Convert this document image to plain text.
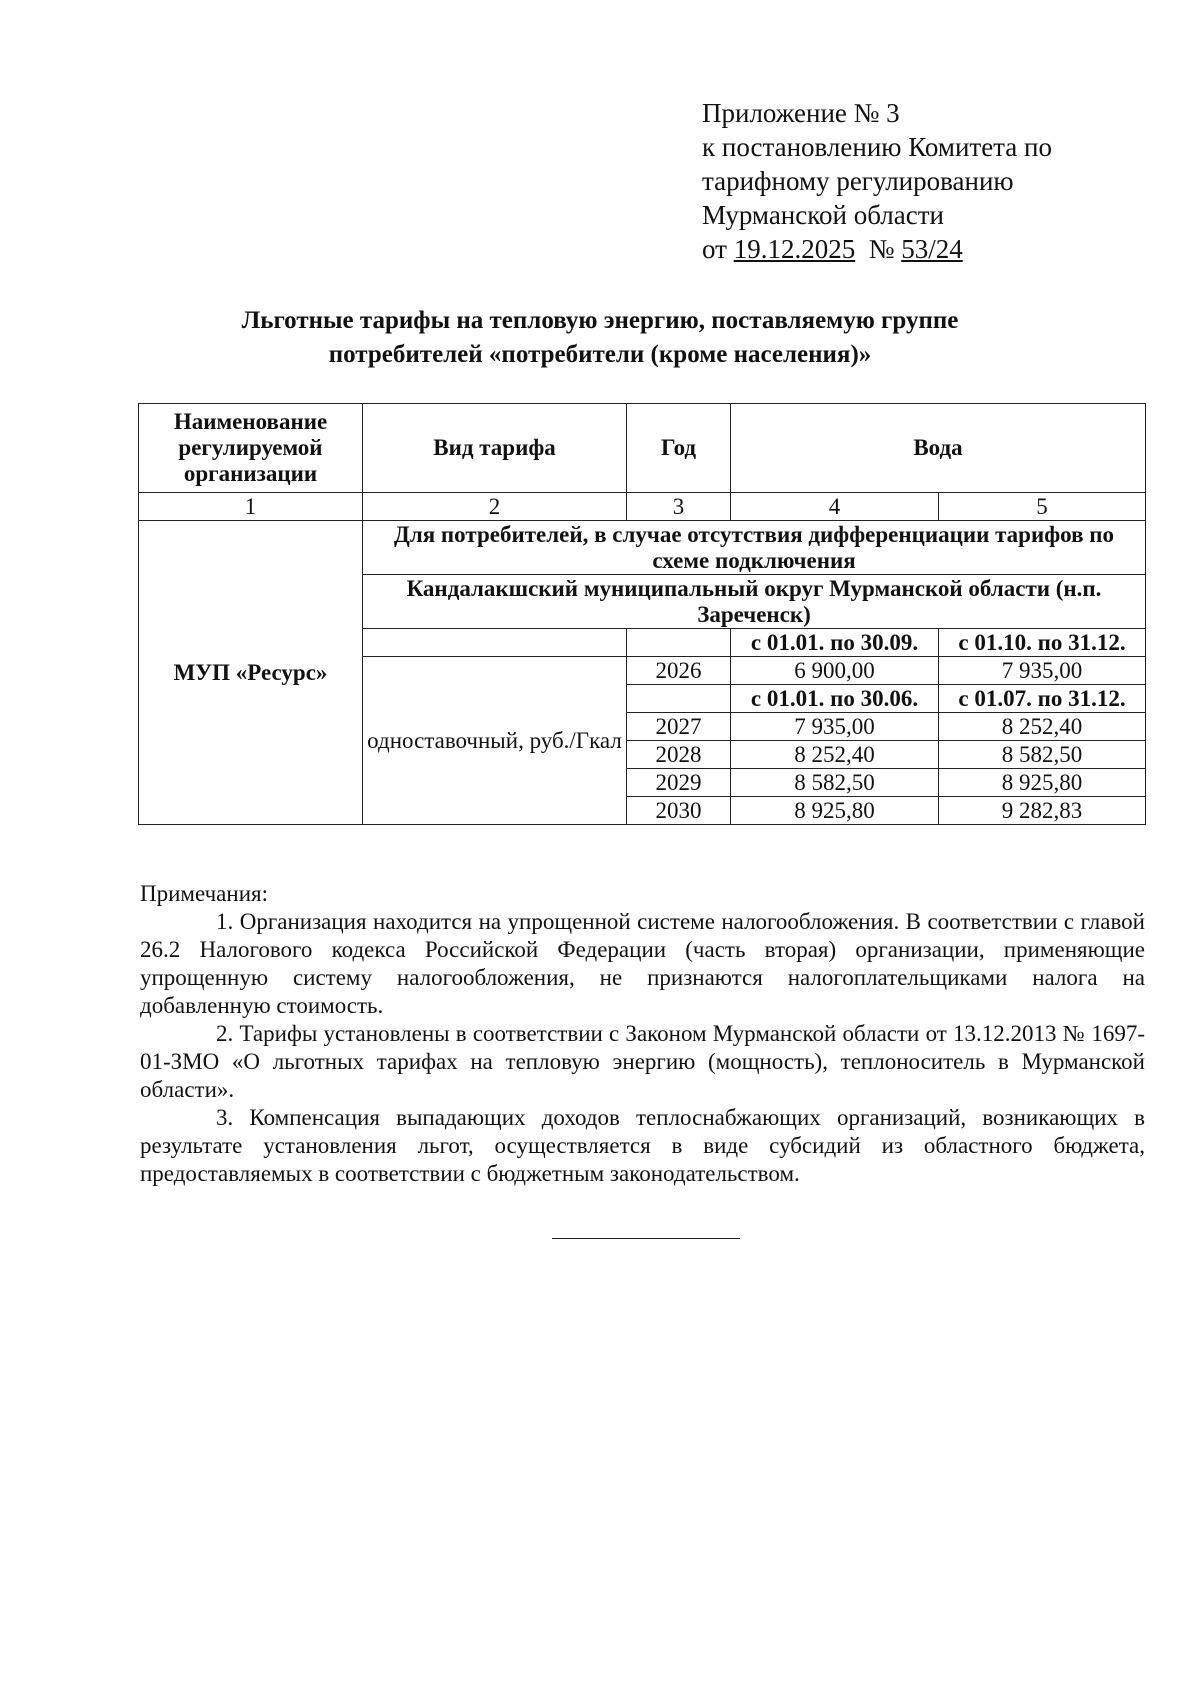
Приложение № 3
к постановлению Комитета по
тарифному регулированию
Мурманской области
от 19.12.2025 № 53/24
Льготные тарифы на тепловую энергию, поставляемую группе
потребителей «потребители (кроме населения)»
Наименование регулируемой организации	Вид тарифа	Год	Вода	
1	2	3	4	5
МУП «Ресурс»	Для потребителей, в случае отсутствия дифференциации тарифов по схеме подключения			
	Кандалакшский муниципальный округ Мурманской области (н.п. Зареченск)			
			с 01.01. по 30.09.	с 01.10. по 31.12.
	одноставочный, руб./Гкал	2026	6 900,00	7 935,00
			с 01.01. по 30.06.	с 01.07. по 31.12.
		2027	7 935,00	8 252,40
		2028	8 252,40	8 582,50
		2029	8 582,50	8 925,80
		2030	8 925,80	9 282,83

Примечания:

1. Организация находится на упрощенной системе налогообложения. В соответствии с главой 26.2 Налогового кодекса Российской Федерации (часть вторая) организации, применяющие упрощенную систему налогообложения, не признаются налогоплательщиками налога на добавленную стоимость.

2. Тарифы установлены в соответствии с Законом Мурманской области от 13.12.2013 № 1697-01-ЗМО «О льготных тарифах на тепловую энергию (мощность), теплоноситель в Мурманской области».

3. Компенсация выпадающих доходов теплоснабжающих организаций, возникающих в результате установления льгот, осуществляется в виде субсидий из областного бюджета, предоставляемых в соответствии с бюджетным законодательством.
